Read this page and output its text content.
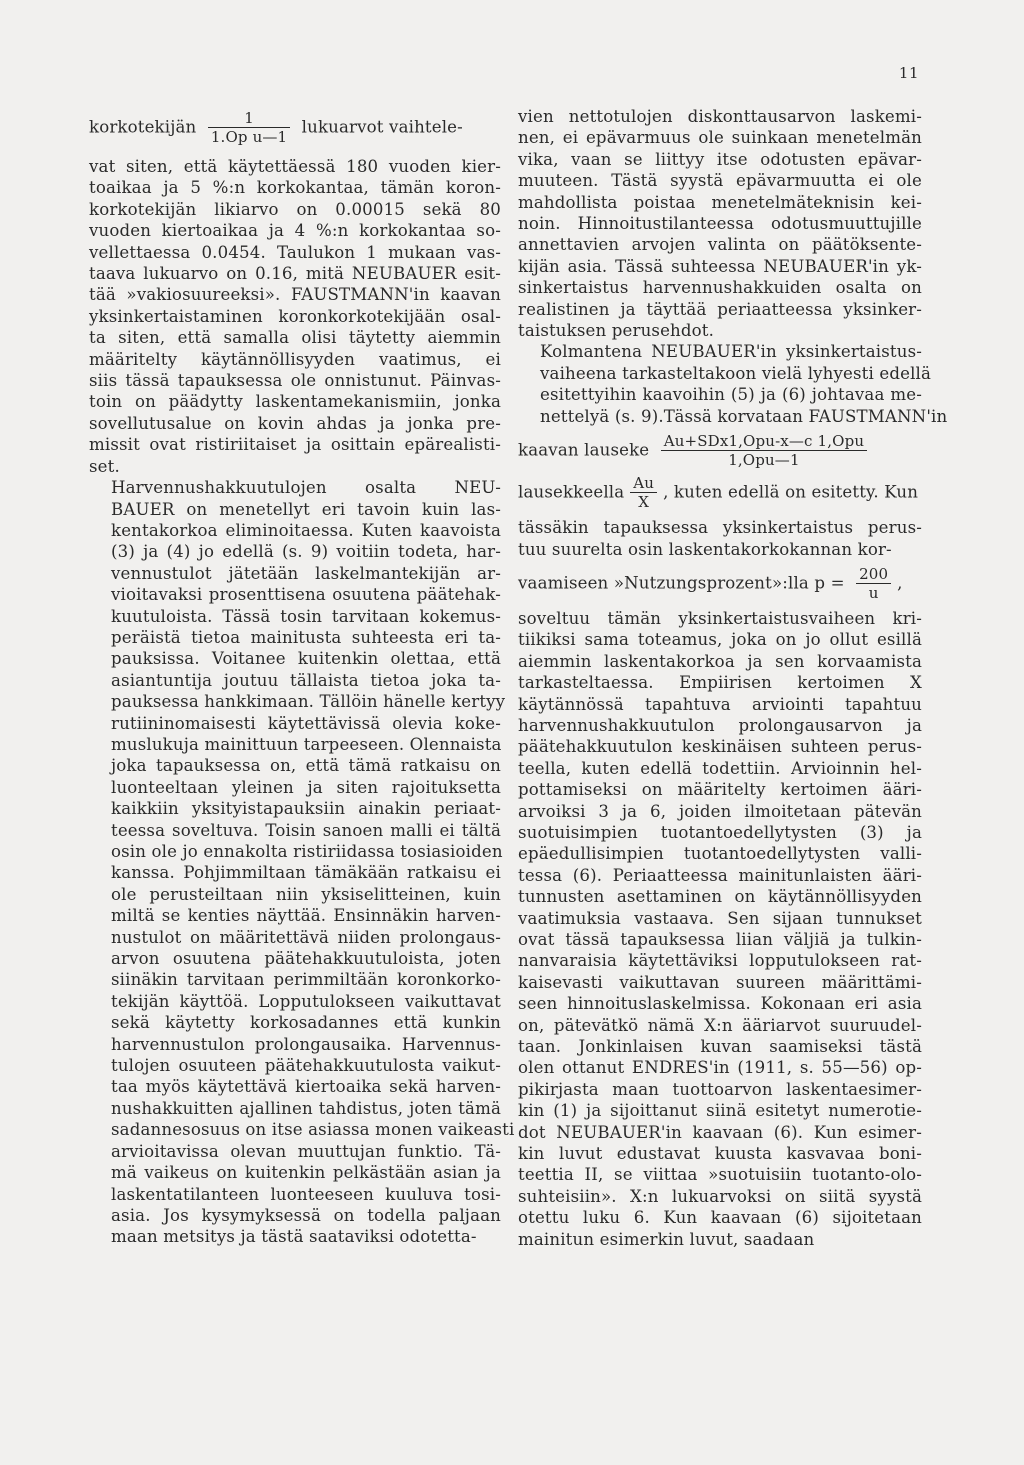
11
korkotekijän $\frac{1}{\text{1.Op u—1}}$ lukuarvot vaihtele-

vat siten, että käytettäessä 180 vuoden kier-
toaikaa ja 5 %:n korkokantaa, tämän koron-
korkotekijän likiarvo on 0.00015 sekä 80
vuoden kiertoaikaa ja 4 %:n korkokantaa so-
vellettaessa 0.0454. Taulukon 1 mukaan vas-
taava lukuarvo on 0.16, mitä NEUBAUER esit-
tää »vakiosuureeksi». FAUSTMANN'in kaavan
yksinkertaistaminen koronkorkotekijään osal-
ta siten, että samalla olisi täytetty aiemmin
määritelty käytännöllisyyden vaatimus, ei
siis tässä tapauksessa ole onnistunut. Päinvas-
toin on päädytty laskentamekanismiin, jonka
sovellutusalue on kovin ahdas ja jonka pre-
missit ovat ristiriitaiset ja osittain epärealisti-
set.

Harvennushakkuutulojen osalta NEU-
BAUER on menetellyt eri tavoin kuin las-
kentakorkoa eliminoitaessa. Kuten kaavoista
(3) ja (4) jo edellä (s. 9) voitiin todeta, har-
vennustulot jätetään laskelmantekijän ar-
vioitavaksi prosenttisena osuutena päätehak-
kuutuloista. Tässä tosin tarvitaan kokemus-
peräistä tietoa mainitusta suhteesta eri ta-
pauksissa. Voitanee kuitenkin olettaa, että
asiantuntija joutuu tällaista tietoa joka ta-
pauksessa hankkimaan. Tällöin hänelle kertyy
rutiininomaisesti käytettävissä olevia koke-
muslukuja mainittuun tarpeeseen. Olennaista
joka tapauksessa on, että tämä ratkaisu on
luonteeltaan yleinen ja siten rajoituksetta
kaikkiin yksityistapauksiin ainakin periaat-
teessa soveltuva. Toisin sanoen malli ei tältä
osin ole jo ennakolta ristiriidassa tosiasioiden
kanssa. Pohjimmiltaan tämäkään ratkaisu ei
ole perusteiltaan niin yksiselitteinen, kuin
miltä se kenties näyttää. Ensinnäkin harven-
nustulot on määritettävä niiden prolongaus-
arvon osuutena päätehakkuutuloista, joten
siinäkin tarvitaan perimmiltään koronkorko-
tekijän käyttöä. Lopputulokseen vaikuttavat
sekä käytetty korkosadannes että kunkin
harvennustulon prolongausaika. Harvennus-
tulojen osuuteen päätehakkuutulosta vaikut-
taa myös käytettävä kiertoaika sekä harven-
nushakkuitten ajallinen tahdistus, joten tämä
sadannesosuus on itse asiassa monen vaikeasti
arvioitavissa olevan muuttujan funktio. Tä-
mä vaikeus on kuitenkin pelkästään asian ja
laskentatilanteen luonteeseen kuuluva tosi-
asia. Jos kysymyksessä on todella paljaan
maan metsitys ja tästä saataviksi odotetta-

vien nettotulojen diskonttausarvon laskemi-
nen, ei epävarmuus ole suinkaan menetelmän
vika, vaan se liittyy itse odotusten epävar-
muuteen. Tästä syystä epävarmuutta ei ole
mahdollista poistaa menetelmäteknisin kei-
noin. Hinnoitustilanteessa odotusmuuttujille
annettavien arvojen valinta on päätöksente-
kijän asia. Tässä suhteessa NEUBAUER'in yk-
sinkertaistus harvennushakkuiden osalta on
realistinen ja täyttää periaatteessa yksinker-
taistuksen perusehdot.

Kolmantena NEUBAUER'in yksinkertaistus-
vaiheena tarkasteltakoon vielä lyhyesti edellä
esitettyihin kaavoihin (5) ja (6) johtavaa me-
nettelyä (s. 9).Tässä korvataan FAUSTMANN'in

kaavan lauseke $\frac{\text{Au+SDx1,Opu-x—c 1,Opu}}{\text{1,Opu—1}}$
lausekkeella $\frac{Au}{X}$ , kuten edellä on esitetty. Kun

tässäkin tapauksessa yksinkertaistus perus-
tuu suurelta osin laskentakorkokannan kor-

vaamiseen »Nutzungsprozent»:lla $p = \frac{200}{u}$ ,

soveltuu tämän yksinkertaistusvaiheen kri-
tiikiksi sama toteamus, joka on jo ollut esillä
aiemmin laskentakorkoa ja sen korvaamista
tarkasteltaessa. Empiirisen kertoimen X
käytännössä tapahtuva arviointi tapahtuu
harvennushakkuutulon prolongausarvon ja
päätehakkuutulon keskinäisen suhteen perus-
teella, kuten edellä todettiin. Arvioinnin hel-
pottamiseksi on määritelty kertoimen ääri-
arvoiksi 3 ja 6, joiden ilmoitetaan pätevän
suotuisimpien tuotantoedellytysten (3) ja
epäedullisimpien tuotantoedellytysten valli-
tessa (6). Periaatteessa mainitunlaisten ääri-
tunnusten asettaminen on käytännöllisyyden
vaatimuksia vastaava. Sen sijaan tunnukset
ovat tässä tapauksessa liian väljiä ja tulkin-
nanvaraisia käytettäviksi lopputulokseen rat-
kaisevasti vaikuttavan suureen määrittämi-
seen hinnoituslaskelmissa. Kokonaan eri asia
on, pätevätkö nämä X:n ääriarvot suuruudel-
taan. Jonkinlaisen kuvan saamiseksi tästä
olen ottanut ENDRES'in (1911, s. 55—56) op-
pikirjasta maan tuottoarvon laskentaesimer-
kin (1) ja sijoittanut siinä esitetyt numerotie-
dot NEUBAUER'in kaavaan (6). Kun esimer-
kin luvut edustavat kuusta kasvavaa boni-
teettia II, se viittaa »suotuisiin tuotanto-olo-
suhteisiin». X:n lukuarvoksi on siitä syystä
otettu luku 6. Kun kaavaan (6) sijoitetaan
mainitun esimerkin luvut, saadaan
